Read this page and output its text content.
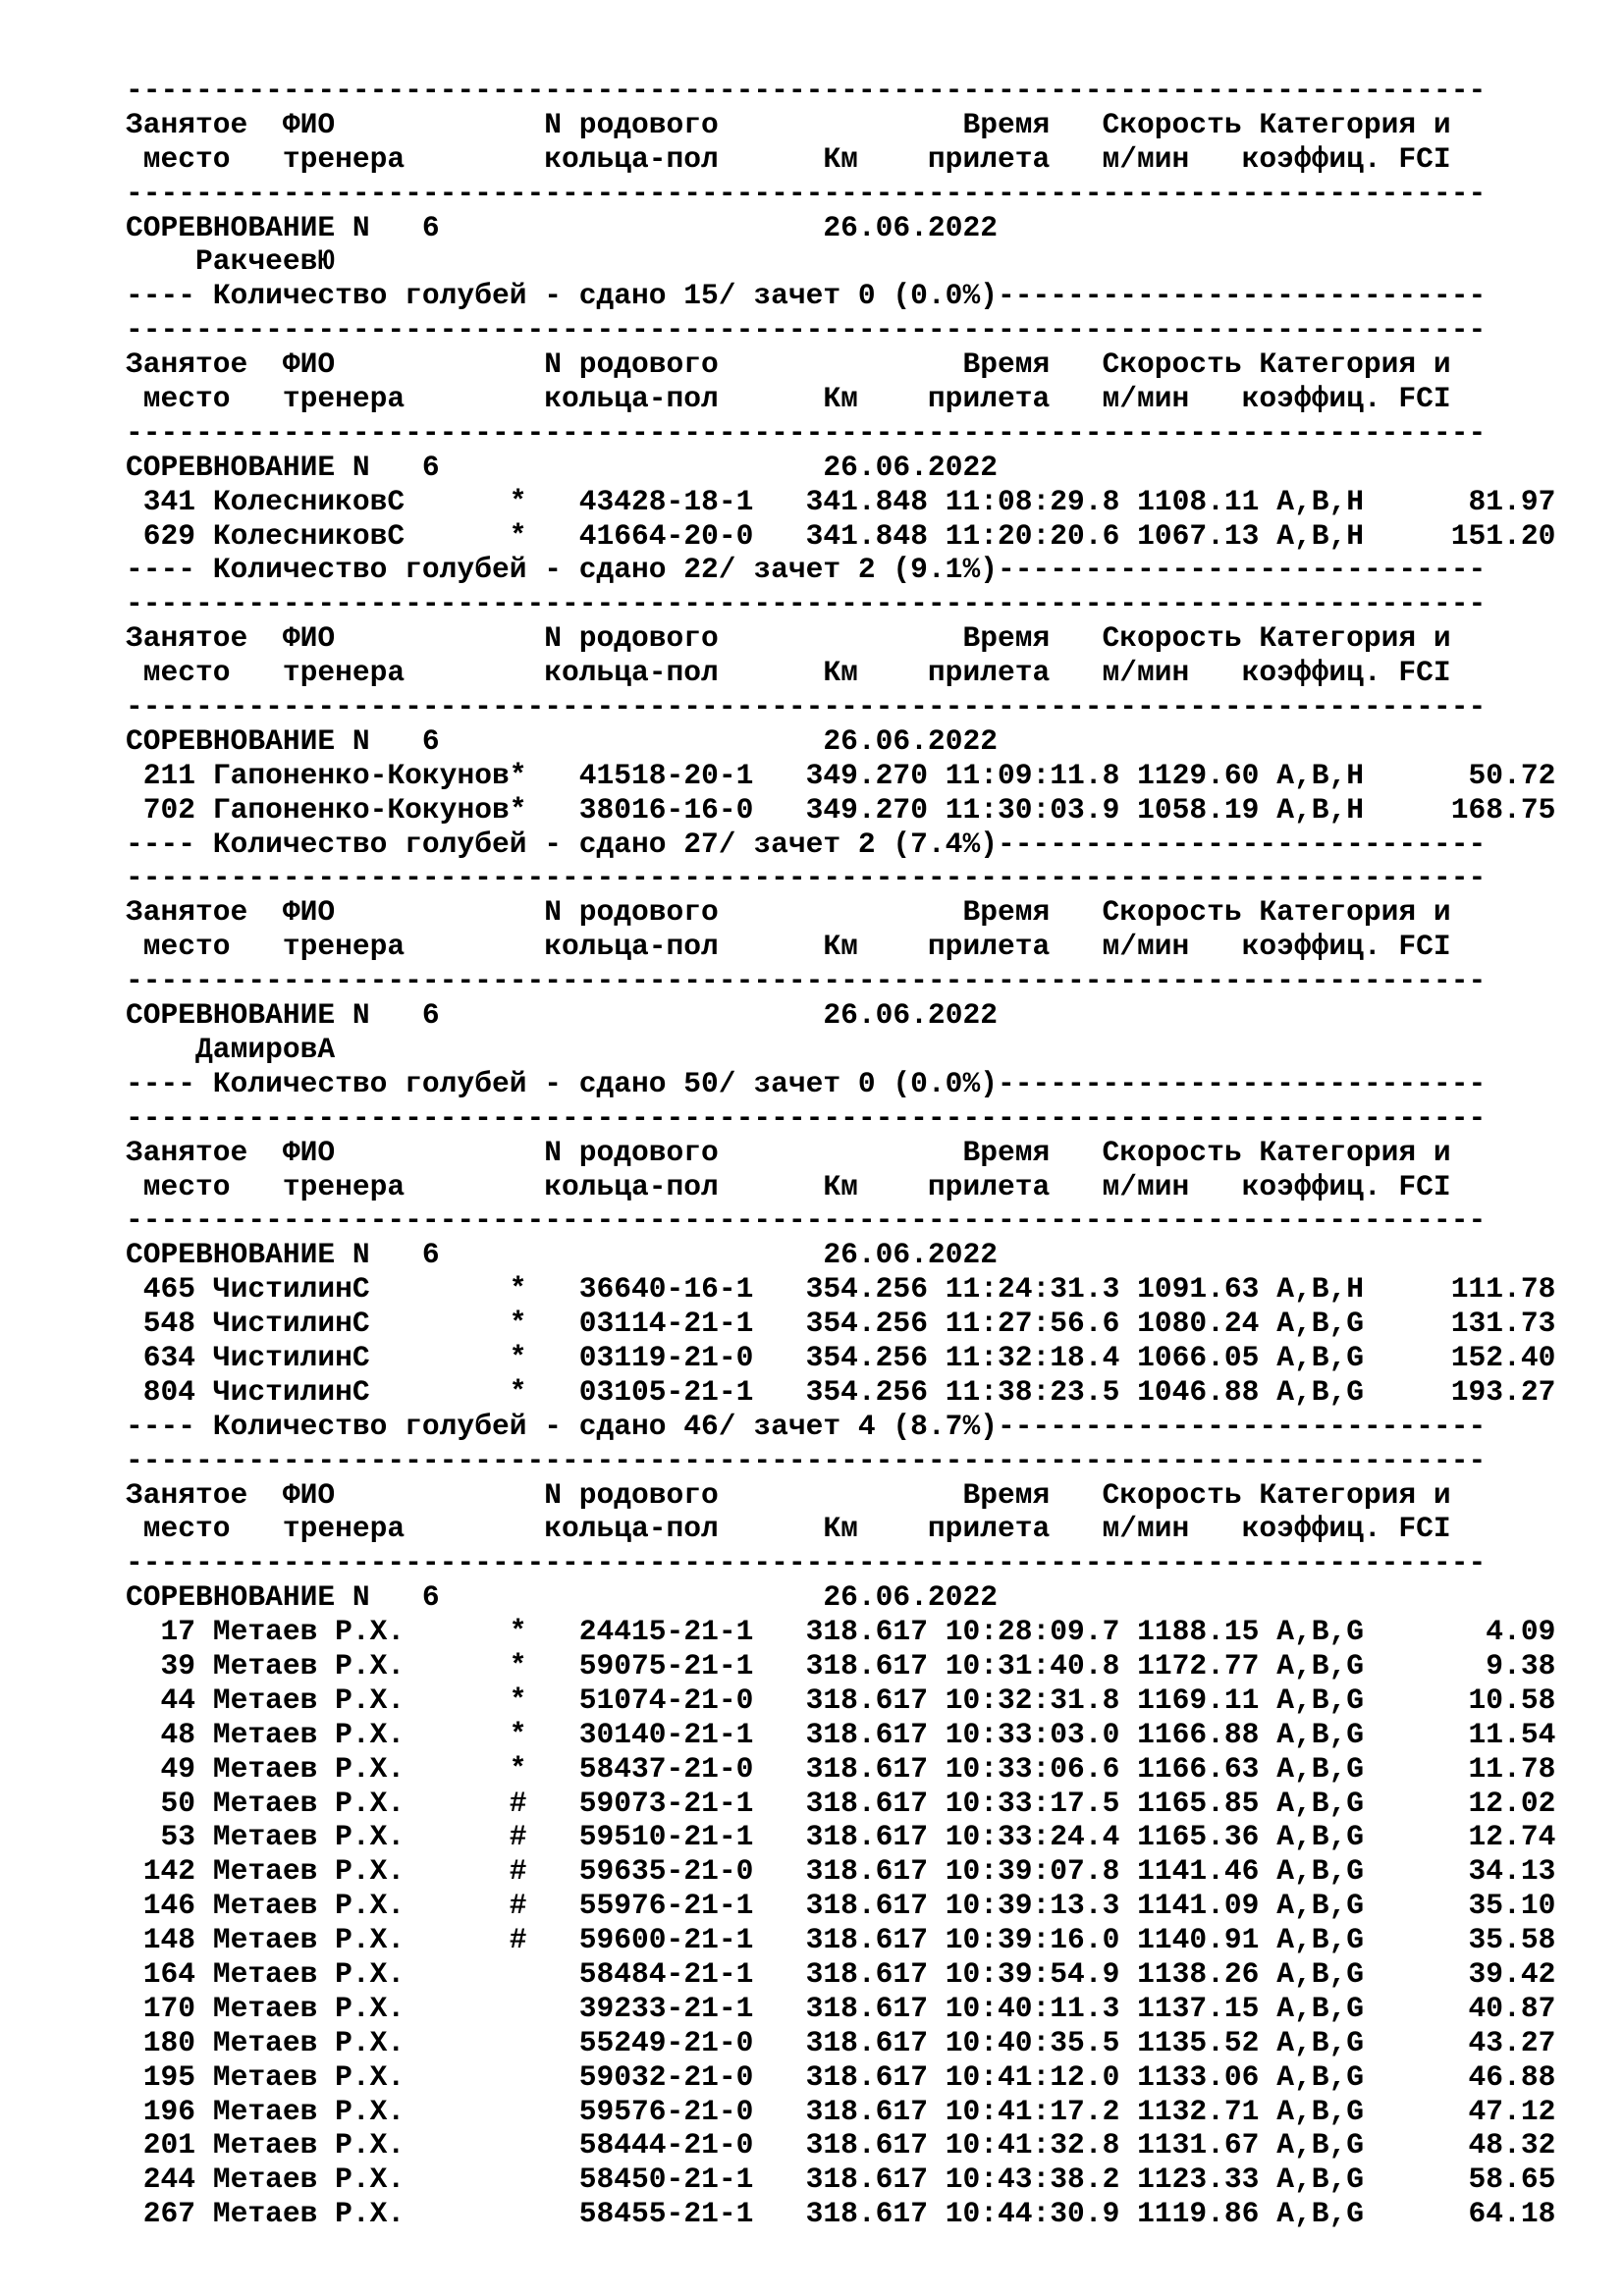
------------------------------------------------------------------------------
Занятое  ФИО            N родового              Время   Скорость Категория и
место   тренера        кольца-пол      Км    прилета   м/мин   коэффиц. FCI
------------------------------------------------------------------------------
СОРЕВНОВАНИЕ N   6	26.06.2022
РакчеевЮ
---- Количество голубей - сдано 15/ зачет 0 (0.0%)----------------------------
------------------------------------------------------------------------------
Занятое  ФИО            N родового              Время   Скорость Категория и
место   тренера        кольца-пол      Км    прилета   м/мин   коэффиц. FCI
------------------------------------------------------------------------------
СОРЕВНОВАНИЕ N   6	26.06.2022
341 КолесниковС      * 43428-18-1 341.848 11:08:29.8 1108.11 A,B,H      81.97
629 КолесниковС      * 41664-20-0 341.848 11:20:20.6 1067.13 A,B,H     151.20
---- Количество голубей - сдано 22/ зачет 2 (9.1%)----------------------------
------------------------------------------------------------------------------
Занятое  ФИО            N родового              Время   Скорость Категория и
место   тренера        кольца-пол      Км    прилета   м/мин   коэффиц. FCI
------------------------------------------------------------------------------
СОРЕВНОВАНИЕ N   6	26.06.2022
211 Гапоненко-Кокунов* 41518-20-1 349.270 11:09:11.8 1129.60 A,B,H      50.72
702 Гапоненко-Кокунов* 38016-16-0 349.270 11:30:03.9 1058.19 A,B,H     168.75
---- Количество голубей - сдано 27/ зачет 2 (7.4%)----------------------------
------------------------------------------------------------------------------
Занятое  ФИО            N родового              Время   Скорость Категория и
место   тренера        кольца-пол      Км    прилета   м/мин   коэффиц. FCI
------------------------------------------------------------------------------
СОРЕВНОВАНИЕ N   6	26.06.2022
ДамировА
---- Количество голубей - сдано 50/ зачет 0 (0.0%)----------------------------
------------------------------------------------------------------------------
Занятое  ФИО            N родового              Время   Скорость Категория и
место   тренера        кольца-пол      Км    прилета   м/мин   коэффиц. FCI
------------------------------------------------------------------------------
СОРЕВНОВАНИЕ N   6	26.06.2022
465 ЧистилинС        * 36640-16-1 354.256 11:24:31.3 1091.63 A,B,H     111.78
548 ЧистилинС        * 03114-21-1 354.256 11:27:56.6 1080.24 A,B,G     131.73
634 ЧистилинС        * 03119-21-0 354.256 11:32:18.4 1066.05 A,B,G     152.40
804 ЧистилинС        * 03105-21-1 354.256 11:38:23.5 1046.88 A,B,G     193.27
---- Количество голубей - сдано 46/ зачет 4 (8.7%)----------------------------
------------------------------------------------------------------------------
Занятое  ФИО            N родового              Время   Скорость Категория и
место   тренера        кольца-пол      Км    прилета   м/мин   коэффиц. FCI
------------------------------------------------------------------------------
СОРЕВНОВАНИЕ N   6	26.06.2022
17 Метаев Р.Х.      * 24415-21-1 318.617 10:28:09.7 1188.15 A,B,G       4.09
39 Метаев Р.Х.      * 59075-21-1 318.617 10:31:40.8 1172.77 A,B,G       9.38
44 Метаев Р.Х.      * 51074-21-0 318.617 10:32:31.8 1169.11 A,B,G      10.58
48 Метаев Р.Х.      * 30140-21-1 318.617 10:33:03.0 1166.88 A,B,G      11.54
49 Метаев Р.Х.      * 58437-21-0 318.617 10:33:06.6 1166.63 A,B,G      11.78
50 Метаев Р.Х.      # 59073-21-1 318.617 10:33:17.5 1165.85 A,B,G      12.02
53 Метаев Р.Х.      # 59510-21-1 318.617 10:33:24.4 1165.36 A,B,G      12.74
142 Метаев Р.Х.      # 59635-21-0 318.617 10:39:07.8 1141.46 A,B,G      34.13
146 Метаев Р.Х.      # 55976-21-1 318.617 10:39:13.3 1141.09 A,B,G      35.10
148 Метаев Р.Х.      # 59600-21-1 318.617 10:39:16.0 1140.91 A,B,G      35.58
164 Метаев Р.Х.          58484-21-1 318.617 10:39:54.9 1138.26 A,B,G      39.42
170 Метаев Р.Х.          39233-21-1 318.617 10:40:11.3 1137.15 A,B,G      40.87
180 Метаев Р.Х.          55249-21-0 318.617 10:40:35.5 1135.52 A,B,G      43.27
195 Метаев Р.Х.          59032-21-0 318.617 10:41:12.0 1133.06 A,B,G      46.88
196 Метаев Р.Х.          59576-21-0 318.617 10:41:17.2 1132.71 A,B,G      47.12
201 Метаев Р.Х.          58444-21-0 318.617 10:41:32.8 1131.67 A,B,G      48.32
244 Метаев Р.Х.          58450-21-1 318.617 10:43:38.2 1123.33 A,B,G      58.65
267 Метаев Р.Х.          58455-21-1 318.617 10:44:30.9 1119.86 A,B,G      64.18
